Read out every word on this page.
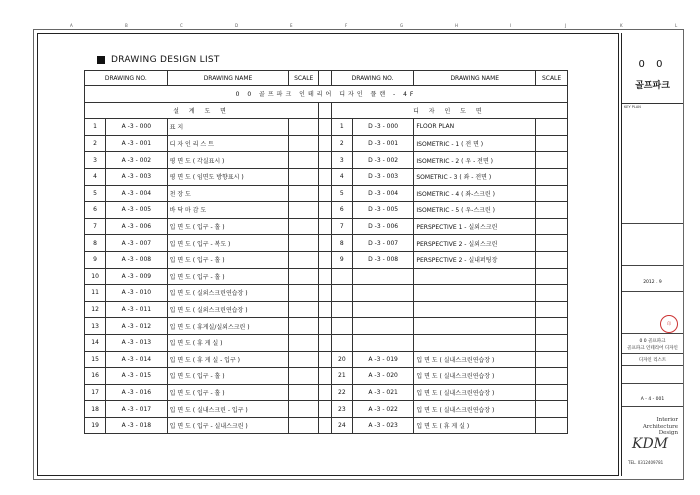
A	B	C	D	E	F	G	H	I	J	K	L
DRAWING DESIGN LIST
DRAWING NO.		DRAWING NAME	SCALE		DRAWING NO.		DRAWING NAME	SCALE
0 0 골프파크 인테리어 디자인 플랜 - 4F								
설 계 도 면					디 자 인 도 면			
1	A -3 - 000	표 지			1	D -3 - 000	FLOOR PLAN	
2	A -3 - 001	디 자 인 리 스 트			2	D -3 - 001	ISOMETRIC - 1 ( 전 면 )	
3	A -3 - 002	평 면 도 ( 각실표시 )			3	D -3 - 002	ISOMETRIC - 2 ( 우 - 전면 )	
4	A -3 - 003	평 면 도 ( 임면도 방향표시 )			4	D -3 - 003	SOMETRIC - 3 ( 좌 - 전면 )	
5	A -3 - 004	천 장 도			5	D -3 - 004	ISOMETRIC - 4 ( 좌-스크린 )	
6	A -3 - 005	바 닥 마 감 도			6	D -3 - 005	ISOMETRIC - 5 ( 우-스크린 )	
7	A -3 - 006	입 면 도 ( 입구 - 홀 )			7	D -3 - 006	PERSPECTIVE 1 - 실외스크린	
8	A -3 - 007	입 면 도 ( 입구 - 복도 )			8	D -3 - 007	PERSPECTIVE 2 - 실외스크린	
9	A -3 - 008	입 면 도 ( 입구 - 홀 )			9	D -3 - 008	PERSPECTIVE 2 - 실내퍼팅장	
10	A -3 - 009	입 면 도 ( 입구 - 홀 )						
11	A -3 - 010	입 면 도 ( 실외스크린연습장 )						
12	A -3 - 011	입 면 도 ( 실외스크린연습장 )						
13	A -3 - 012	입 면 도 ( 휴게실/실외스크린 )						
14	A -3 - 013	입 면 도 ( 휴 게 실 )						
15	A -3 - 014	입 면 도 ( 휴 게 실 - 입구 )			20	A -3 - 019	입 면 도 ( 실내스크린연습장 )	
16	A -3 - 015	입 면 도 ( 입구 - 홀 )			21	A -3 - 020	입 면 도 ( 실내스크린연습장 )	
17	A -3 - 016	입 면 도 ( 입구 - 홀 )			22	A -3 - 021	입 면 도 ( 실내스크린연습장 )	
18	A -3 - 017	입 면 도 ( 실내스크린 - 입구 )			23	A -3 - 022	입 면 도 ( 실내스크린연습장 )	
19	A -3 - 018	입 면 도 ( 입구 - 실내스크린 )			24	A -3 - 023	입 면 도 ( 휴 게 실 )	
0 0
골프파크
KEY PLAN
2012 . 9
印
0 0 골프파크
골프파크 인테리어 디자인
디자인 리스트
A - 4 - 001
Interior
Architecture
Design
KDM
TEL. 0312409781
